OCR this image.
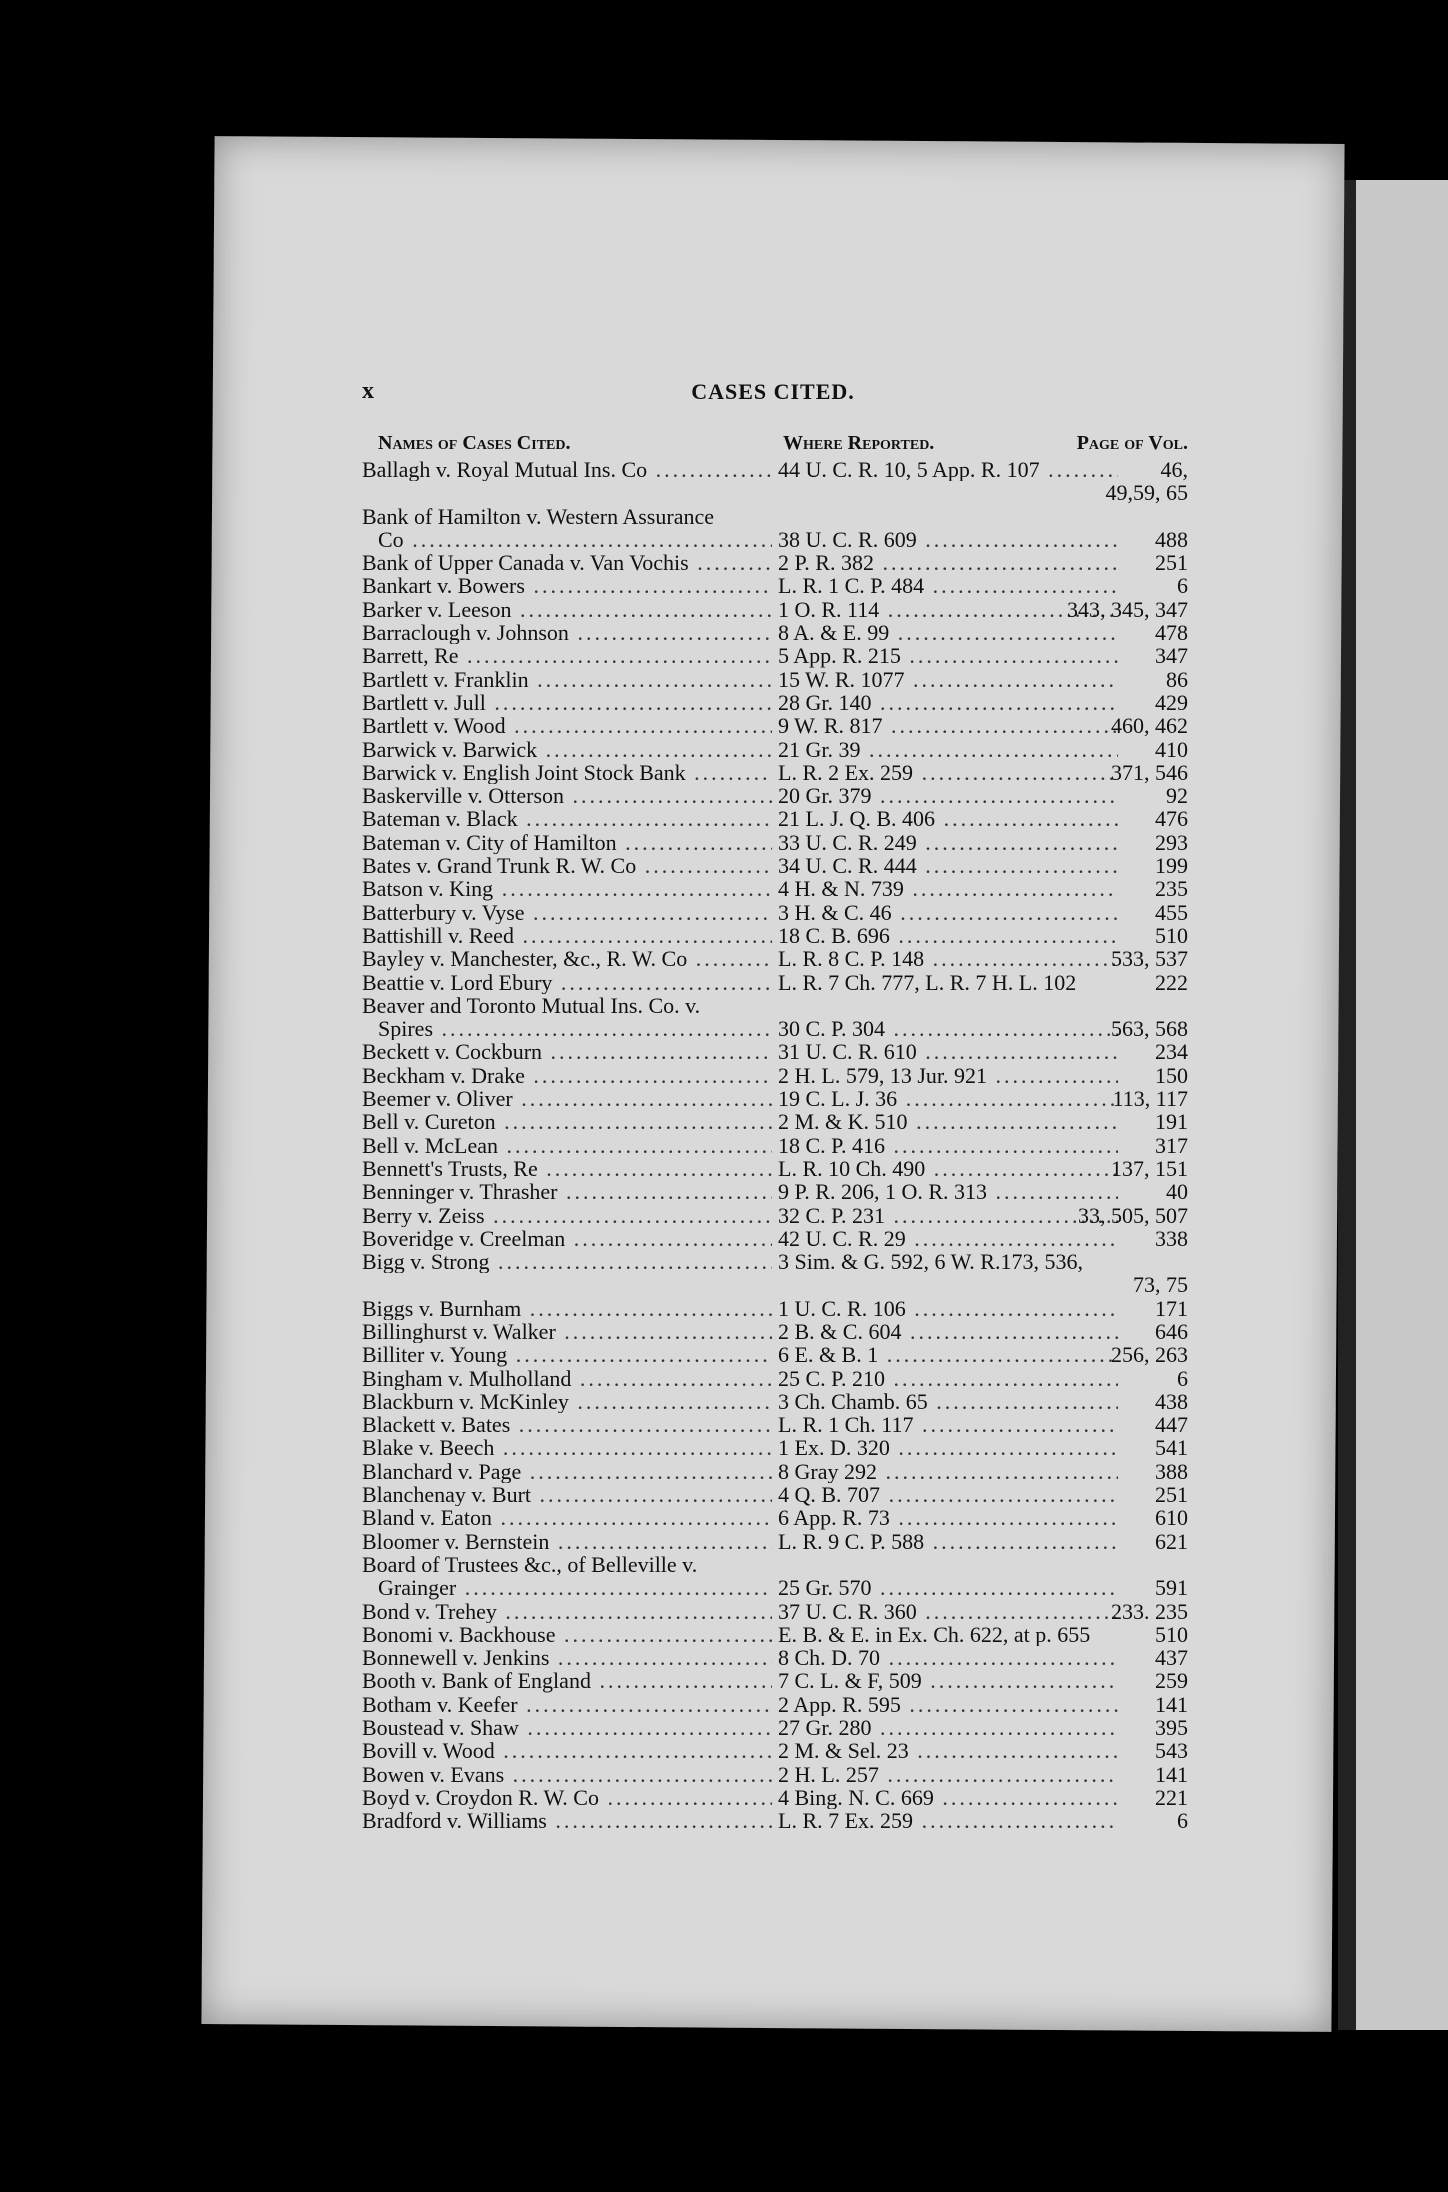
x	CASES CITED.
Names of Cases Cited.	Where Reported.	Page of Vol.
Ballagh v. Royal Mutual Ins. Co .....	44 U. C. R. 10, 5 App. R. 107 .....	46,
49,59, 65
Bank of Hamilton v. Western Assurance
Co .....	38 U. C. R. 609 .....	488
Bank of Upper Canada v. Van Vochis .....	2 P. R. 382 .....	251
Bankart v. Bowers .....	L. R. 1 C. P. 484 .....	6
Barker v. Leeson .....	1 O. R. 114 .....	343, 345, 347
Barraclough v. Johnson .....	8 A. & E. 99 .....	478
Barrett, Re .....	5 App. R. 215 .....	347
Bartlett v. Franklin .....	15 W. R. 1077 .....	86
Bartlett v. Jull .....	28 Gr. 140 .....	429
Bartlett v. Wood .....	9 W. R. 817 .....	460, 462
Barwick v. Barwick .....	21 Gr. 39 .....	410
Barwick v. English Joint Stock Bank .....	L. R. 2 Ex. 259 .....	371, 546
Baskerville v. Otterson .....	20 Gr. 379 .....	92
Bateman v. Black .....	21 L. J. Q. B. 406 .....	476
Bateman v. City of Hamilton .....	33 U. C. R. 249 .....	293
Bates v. Grand Trunk R. W. Co .....	34 U. C. R. 444 .....	199
Batson v. King .....	4 H. & N. 739 .....	235
Batterbury v. Vyse .....	3 H. & C. 46 .....	455
Battishill v. Reed .....	18 C. B. 696 .....	510
Bayley v. Manchester, &c., R. W. Co .....	L. R. 8 C. P. 148 .....	533, 537
Beattie v. Lord Ebury .....	L. R. 7 Ch. 777, L. R. 7 H. L. 102	222
Beaver and Toronto Mutual Ins. Co. v.
Spires .....	30 C. P. 304 .....	563, 568
Beckett v. Cockburn .....	31 U. C. R. 610 .....	234
Beckham v. Drake .....	2 H. L. 579, 13 Jur. 921 .....	150
Beemer v. Oliver .....	19 C. L. J. 36 .....	113, 117
Bell v. Cureton .....	2 M. & K. 510 .....	191
Bell v. McLean .....	18 C. P. 416 .....	317
Bennett's Trusts, Re .....	L. R. 10 Ch. 490 .....	137, 151
Benninger v. Thrasher .....	9 P. R. 206, 1 O. R. 313 .....	40
Berry v. Zeiss .....	32 C. P. 231 .....	33, 505, 507
Boveridge v. Creelman .....	42 U. C. R. 29 .....	338
Bigg v. Strong .....	3 Sim. & G. 592, 6 W. R.173, 536,
73, 75
Biggs v. Burnham .....	1 U. C. R. 106 .....	171
Billinghurst v. Walker .....	2 B. & C. 604 .....	646
Billiter v. Young .....	6 E. & B. 1 .....	256, 263
Bingham v. Mulholland .....	25 C. P. 210 .....	6
Blackburn v. McKinley .....	3 Ch. Chamb. 65 .....	438
Blackett v. Bates .....	L. R. 1 Ch. 117 .....	447
Blake v. Beech .....	1 Ex. D. 320 .....	541
Blanchard v. Page .....	8 Gray 292 .....	388
Blanchenay v. Burt .....	4 Q. B. 707 .....	251
Bland v. Eaton .....	6 App. R. 73 .....	610
Bloomer v. Bernstein .....	L. R. 9 C. P. 588 .....	621
Board of Trustees &c., of Belleville v.
Grainger .....	25 Gr. 570 .....	591
Bond v. Trehey .....	37 U. C. R. 360 .....	233. 235
Bonomi v. Backhouse .....	E. B. & E. in Ex. Ch. 622, at p. 655	510
Bonnewell v. Jenkins .....	8 Ch. D. 70 .....	437
Booth v. Bank of England .....	7 C. L. & F, 509 .....	259
Botham v. Keefer .....	2 App. R. 595 .....	141
Boustead v. Shaw .....	27 Gr. 280 .....	395
Bovill v. Wood .....	2 M. & Sel. 23 .....	543
Bowen v. Evans .....	2 H. L. 257 .....	141
Boyd v. Croydon R. W. Co .....	4 Bing. N. C. 669 .....	221
Bradford v. Williams .....	L. R. 7 Ex. 259 .....	6
